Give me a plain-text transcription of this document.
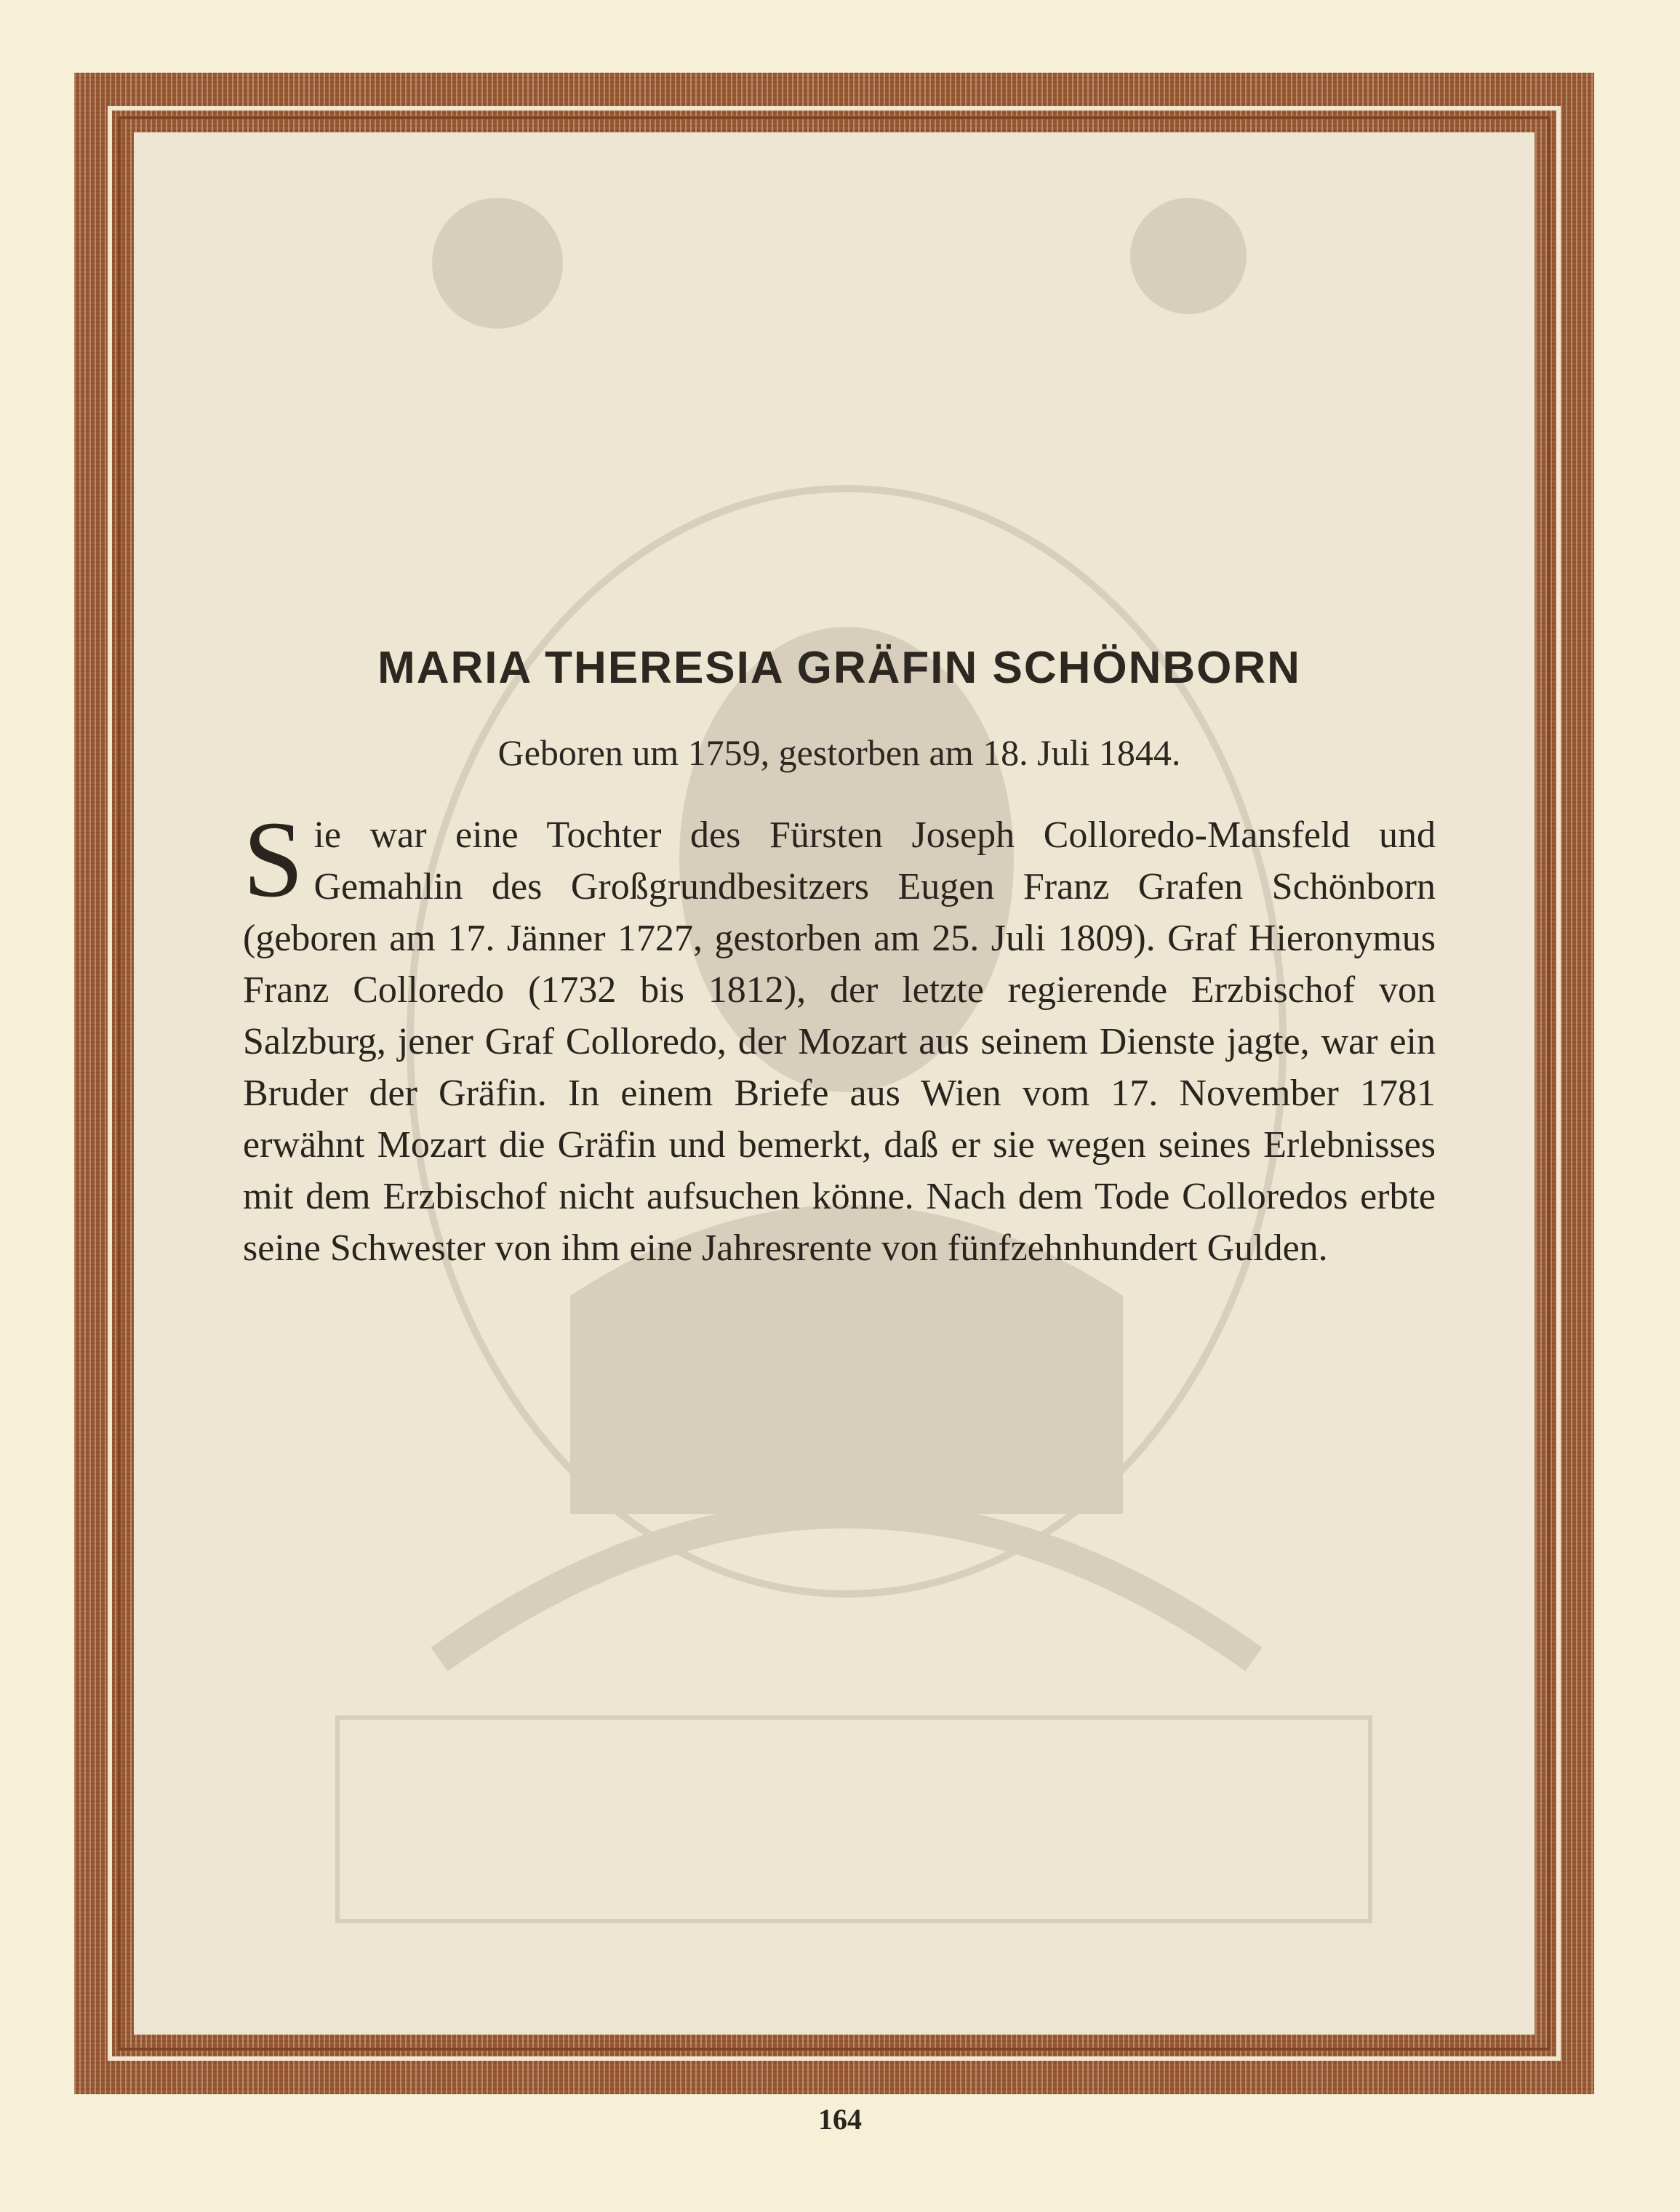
MARIA THERESIA GRÄFIN SCHÖNBORN
Geboren um 1759, gestorben am 18. Juli 1844.
Sie war eine Tochter des Fürsten Joseph Colloredo-Mansfeld und Gemahlin des Großgrundbesitzers Eugen Franz Grafen Schönborn (geboren am 17. Jänner 1727, gestorben am 25. Juli 1809). Graf Hieronymus Franz Colloredo (1732 bis 1812), der letzte regierende Erzbischof von Salzburg, jener Graf Colloredo, der Mozart aus seinem Dienste jagte, war ein Bruder der Gräfin. In einem Briefe aus Wien vom 17. November 1781 erwähnt Mozart die Gräfin und bemerkt, daß er sie wegen seines Erlebnisses mit dem Erzbischof nicht aufsuchen könne. Nach dem Tode Colloredos erbte seine Schwester von ihm eine Jahresrente von fünfzehnhundert Gulden.
164
